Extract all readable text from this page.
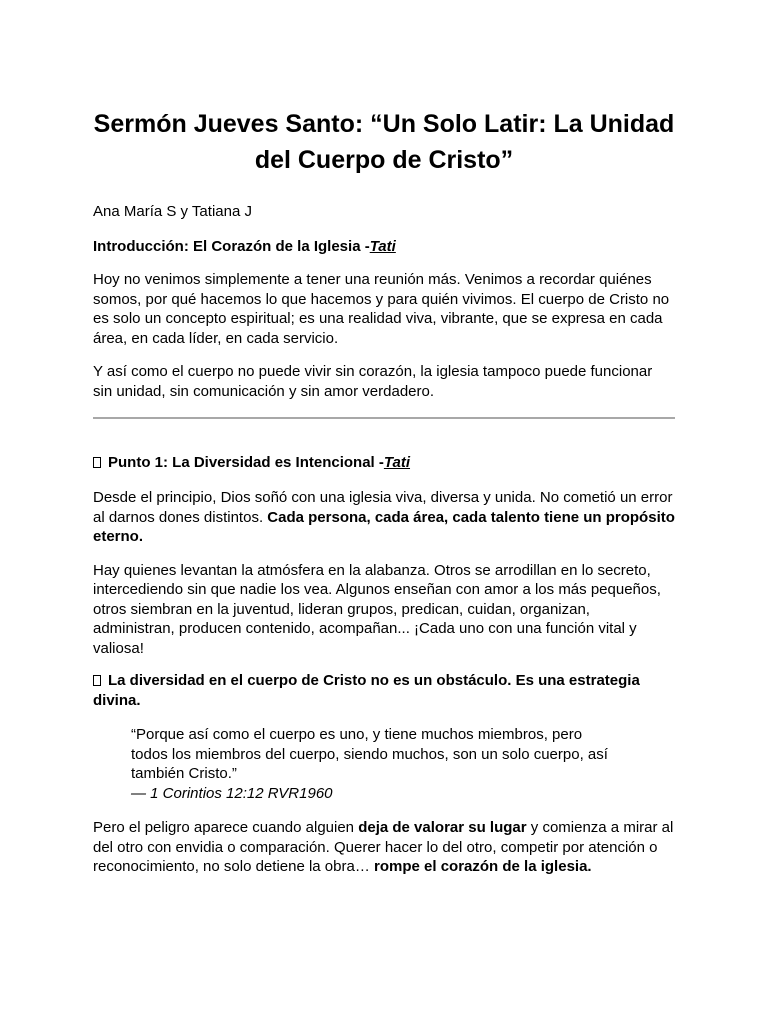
Sermón Jueves Santo: “Un Solo Latir: La Unidad del Cuerpo de Cristo”

Ana María S y Tatiana J

Introducción: El Corazón de la Iglesia -Tati

Hoy no venimos simplemente a tener una reunión más. Venimos a recordar quiénes somos, por qué hacemos lo que hacemos y para quién vivimos. El cuerpo de Cristo no es solo un concepto espiritual; es una realidad viva, vibrante, que se expresa en cada área, en cada líder, en cada servicio.

Y así como el cuerpo no puede vivir sin corazón, la iglesia tampoco puede funcionar sin unidad, sin comunicación y sin amor verdadero.

Punto 1: La Diversidad es Intencional -Tati

Desde el principio, Dios soñó con una iglesia viva, diversa y unida. No cometió un error al darnos dones distintos. Cada persona, cada área, cada talento tiene un propósito eterno.

Hay quienes levantan la atmósfera en la alabanza. Otros se arrodillan en lo secreto, intercediendo sin que nadie los vea. Algunos enseñan con amor a los más pequeños, otros siembran en la juventud, lideran grupos, predican, cuidan, organizan, administran, producen contenido, acompañan... ¡Cada uno con una función vital y valiosa!

La diversidad en el cuerpo de Cristo no es un obstáculo. Es una estrategia divina.

“Porque así como el cuerpo es uno, y tiene muchos miembros, pero
todos los miembros del cuerpo, siendo muchos, son un solo cuerpo, así
también Cristo.”
— 1 Corintios 12:12 RVR1960

Pero el peligro aparece cuando alguien deja de valorar su lugar y comienza a mirar al del otro con envidia o comparación. Querer hacer lo del otro, competir por atención o reconocimiento, no solo detiene la obra… rompe el corazón de la iglesia.
